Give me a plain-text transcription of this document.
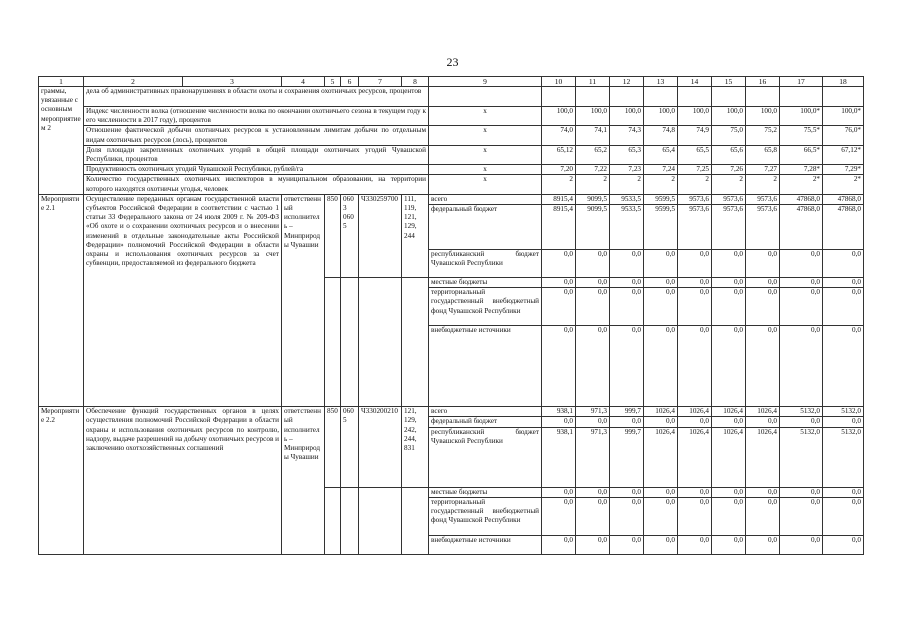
23
1	2	3	4	5	6	7	8	9	10	11	12	13	14	15	16	17	18
граммы, увязанные с основным мероприятием 2	дела об административных правонарушениях в области охоты и сохранения охотничьих ресурсов, процентов																
	Индекс численности волка (отношение численности волка по окончании охотничьего сезона в текущем году к его численности в 2017 году), процентов							x	100,0	100,0	100,0	100,0	100,0	100,0	100,0	100,0*	100,0*
	Отношение фактической добычи охотничьих ресурсов к установленным лимитам добычи по отдельным видам охотничьих ресурсов (лось), процентов							x	74,0	74,1	74,3	74,8	74,9	75,0	75,2	75,5*	76,0*
	Доля площади закрепленных охотничьих угодий в общей площади охотничьих угодий Чувашской Республики, процентов							x	65,12	65,2	65,3	65,4	65,5	65,6	65,8	66,5*	67,12*
	Продуктивность охотничьих угодий Чувашской Республики, рублей/га							x	7,20	7,22	7,23	7,24	7,25	7,26	7,27	7,28*	7,29*
	Количество государственных охотничьих инспекторов в муниципальном образовании, на территории которого находятся охотничьи угодья, человек							x	2	2	2	2	2	2	2	2*	2*
Мероприятие 2.1	Осуществление переданных органам государственной власти субъектов Российской Федерации в соответствии с частью 1 статьи 33 Федерального закона от 24 июля 2009 г. № 209-ФЗ «Об охоте и о сохранении охотничьих ресурсов и о внесении изменений в отдельные законодательные акты Российской Федерации» полномочий Российской Федерации в области охраны и использования охотничьих ресурсов за счет субвенции, предоставляемой из федерального бюджета		ответственный исполнитель – Минприроды Чувашии	850	0603 0605	Ч330259700	111, 119, 121, 129, 244	всего	8915,4	9099,5	9533,5	9599,5	9573,6	9573,6	9573,6	47868,0	47868,0
								федеральный бюджет	8915,4	9099,5	9533,5	9599,5	9573,6	9573,6	9573,6	47868,0	47868,0
								республиканский бюджет Чувашской Республики	0,0	0,0	0,0	0,0	0,0	0,0	0,0	0,0	0,0
								местные бюджеты	0,0	0,0	0,0	0,0	0,0	0,0	0,0	0,0	0,0
								территориальный государственный внебюджетный фонд Чувашской Республики	0,0	0,0	0,0	0,0	0,0	0,0	0,0	0,0	0,0
								внебюджетные источники	0,0	0,0	0,0	0,0	0,0	0,0	0,0	0,0	0,0
Мероприятие 2.2	Обеспечение функций государственных органов в целях осуществления полномочий Российской Федерации в области охраны и использования охотничьих ресурсов по контролю, надзору, выдаче разрешений на добычу охотничьих ресурсов и заключению охотхозяйственных соглашений		ответственный исполнитель – Минприроды Чувашии	850	0605	Ч330200210	121, 129, 242, 244, 831	всего	938,1	971,3	999,7	1026,4	1026,4	1026,4	1026,4	5132,0	5132,0
								федеральный бюджет	0,0	0,0	0,0	0,0	0,0	0,0	0,0	0,0	0,0
								республиканский бюджет Чувашской Республики	938,1	971,3	999,7	1026,4	1026,4	1026,4	1026,4	5132,0	5132,0
								местные бюджеты	0,0	0,0	0,0	0,0	0,0	0,0	0,0	0,0	0,0
								территориальный государственный внебюджетный фонд Чувашской Республики	0,0	0,0	0,0	0,0	0,0	0,0	0,0	0,0	0,0
								внебюджетные источники	0,0	0,0	0,0	0,0	0,0	0,0	0,0	0,0	0,0
